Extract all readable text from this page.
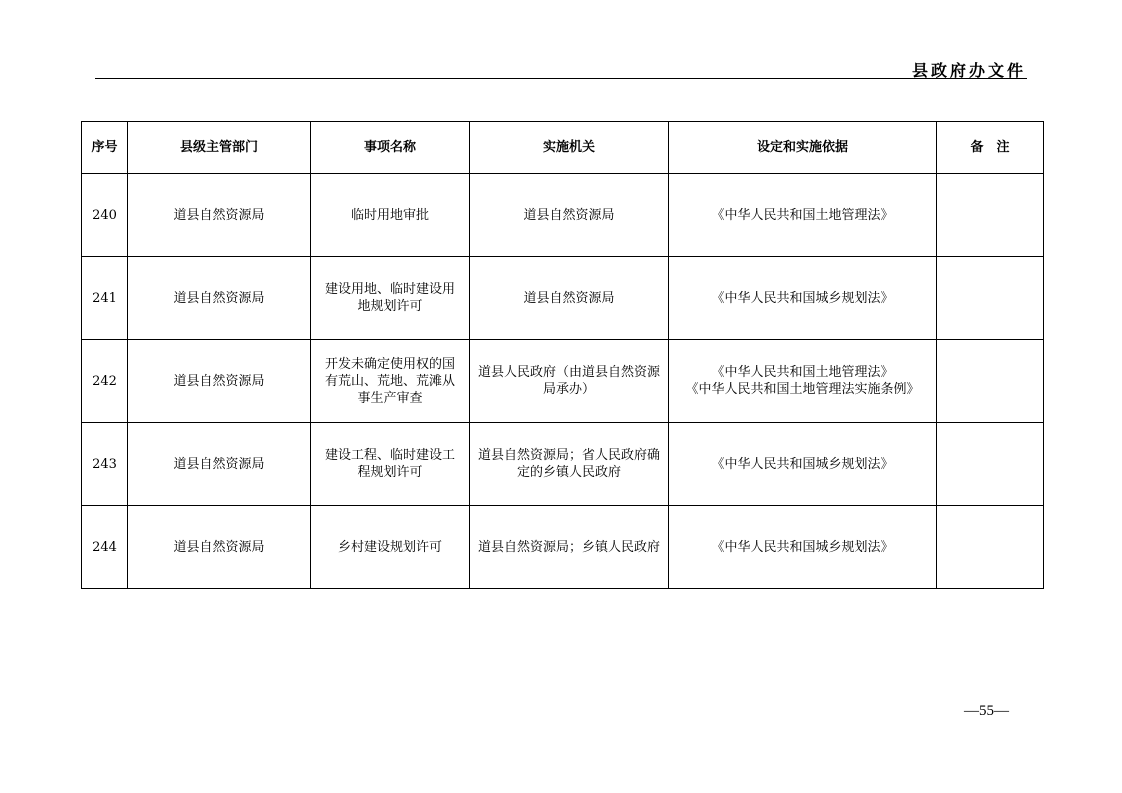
县政府办文件
序号	县级主管部门	事项名称	实施机关	设定和实施依据	备　注
240	道县自然资源局	临时用地审批	道县自然资源局	《中华人民共和国土地管理法》	

241	道县自然资源局	建设用地、临时建设用地规划许可	道县自然资源局	《中华人民共和国城乡规划法》	

242	道县自然资源局	开发未确定使用权的国有荒山、荒地、荒滩从事生产审查	道县人民政府（由道县自然资源局承办）	《中华人民共和国土地管理法》
《中华人民共和国土地管理法实施条例》	

243	道县自然资源局	建设工程、临时建设工程规划许可	道县自然资源局；省人民政府确定的乡镇人民政府	《中华人民共和国城乡规划法》	

244	道县自然资源局	乡村建设规划许可	道县自然资源局；乡镇人民政府	《中华人民共和国城乡规划法》	

—55—
